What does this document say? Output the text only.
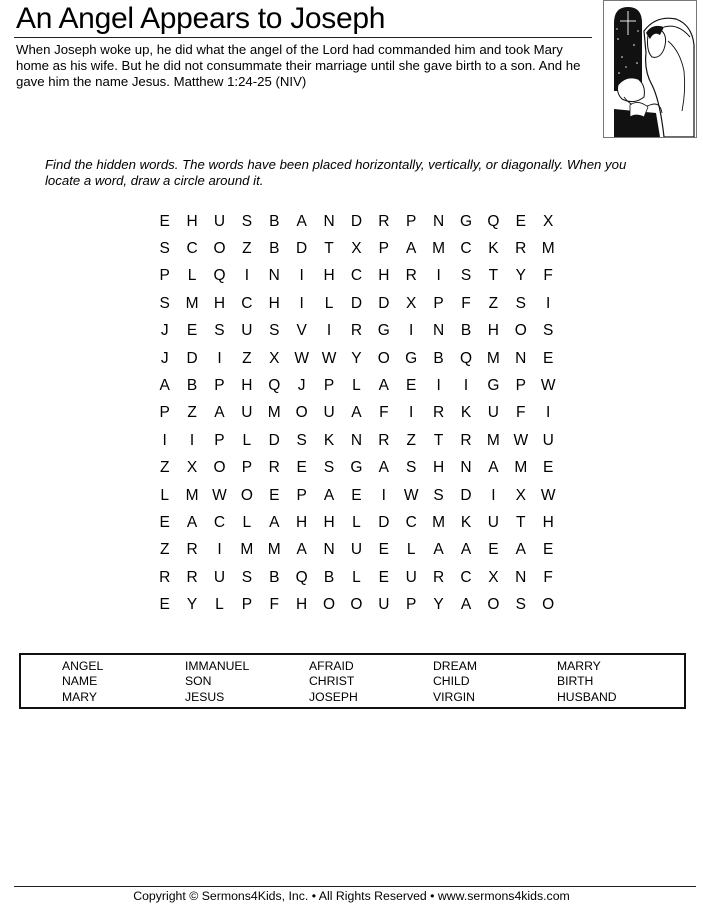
An Angel Appears to Joseph

When Joseph woke up, he did what the angel of the Lord had commanded him and took Mary home as his wife. But he did not consummate their marriage until she gave birth to a son. And he gave him the name Jesus. Matthew 1:24-25 (NIV)

Find the hidden words. The words have been placed horizontally, vertically, or diagonally. When you locate a word, draw a circle around it.

E	H	U	S	B	A	N	D	R	P	N	G Q	E	X
S	C	O	Z	B	D	T	X	P	A	M C	K	R M
P	L	Q	I	N	I	H	C	H	R	I	S	T	Y	F
S	M H	C	H	I	L	D	D	X	P	F	Z	S	I
J	E	S	U	S	V	I	R	G	I	N	B	H	O	S
J	D	I	Z	X W W Y	O G	B	Q M N	E
A	B	P	H	Q	J	P	L	A	E	I	I	G	P W
P	Z	A	U M O	U	A	F	I	R	K	U	F	I
I	I	P	L	D	S	K	N	R	Z	T	R M W U
Z	X	O	P	R	E	S	G	A	S	H	N	A	M	E
L	M W O	E	P	A	E	I	W S	D	I	X W
E	A	C	L	A	H	H	L	D	C M	K	U	T	H
Z	R	I	M M	A	N	U	E	L	A	A	E	A	E
R	R	U	S	B	Q	B	L	E	U	R	C	X	N	F
E	Y	L	P	F	H	O O	U	P	Y	A	O	S	O
ANGEL
NAME
MARY
IMMANUEL
SON
JESUS
AFRAID
CHRIST
JOSEPH
DREAM
CHILD
VIRGIN
MARRY
BIRTH
HUSBAND
Copyright © Sermons4Kids, Inc. • All Rights Reserved • www.sermons4kids.com
